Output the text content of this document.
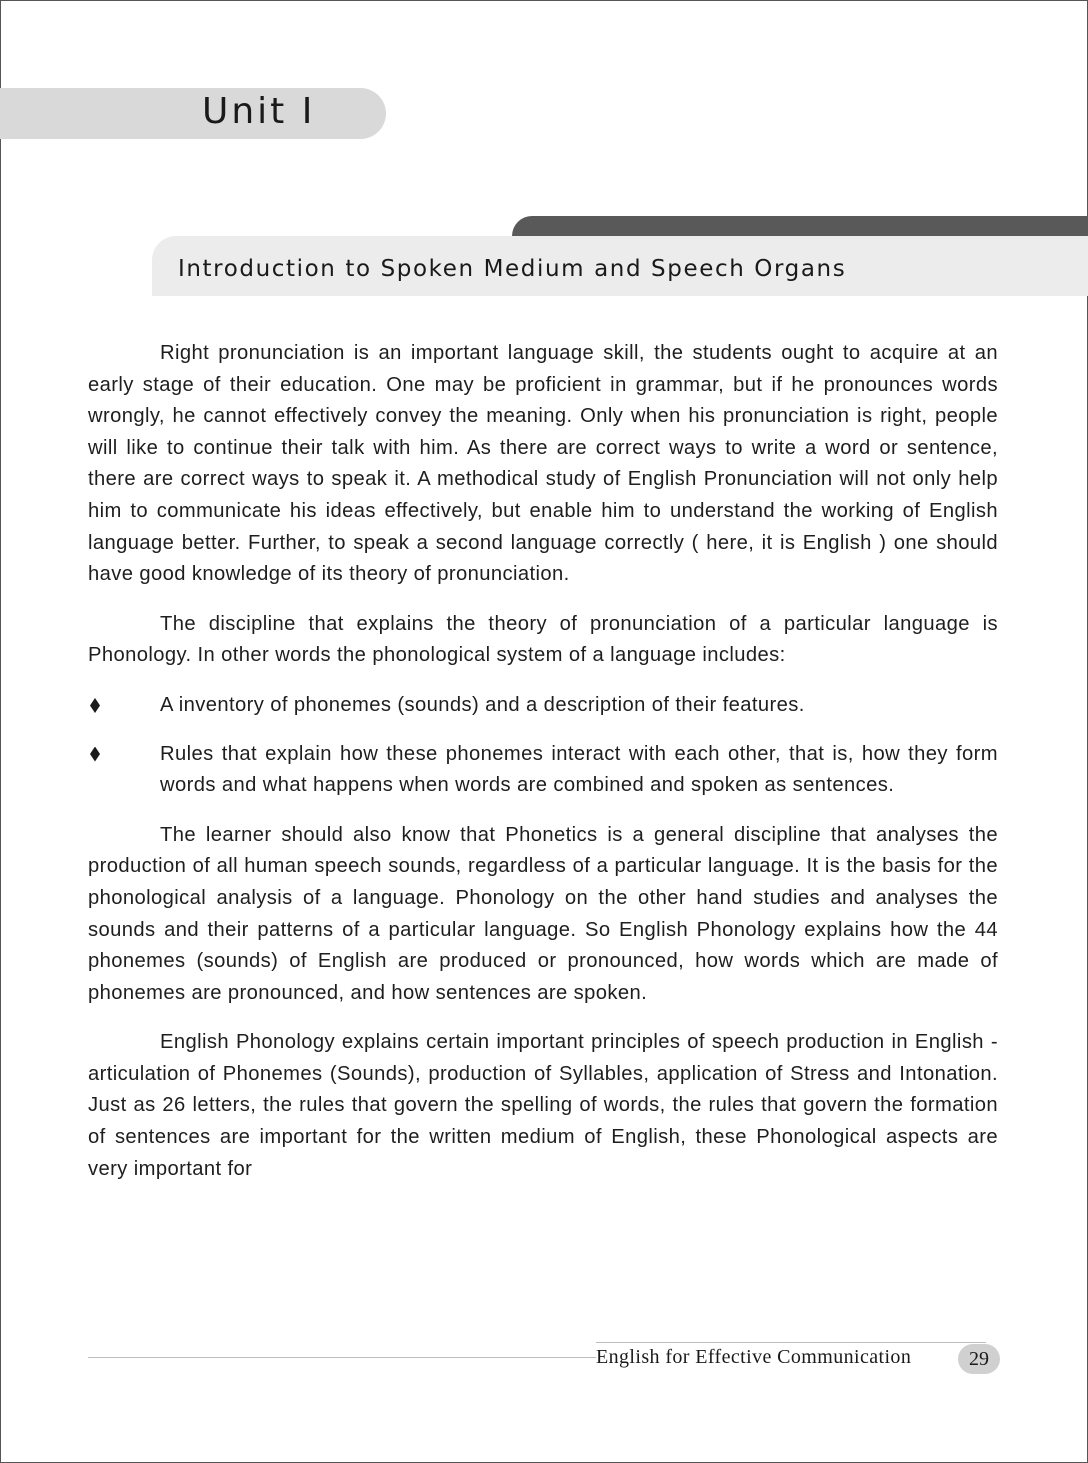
Unit I
Introduction to Spoken Medium and Speech Organs

Right pronunciation is an important language skill, the students ought to acquire at an early stage of their education. One may be proficient in grammar, but if he pronounces words wrongly, he cannot effectively convey the meaning. Only when his pronunciation is right, people will like to continue their talk with him. As there are correct ways to write a word or sentence, there are correct ways to speak it. A methodical study of English Pronunciation will not only help him to communicate his ideas effectively, but enable him to understand the working of English language better. Further, to speak a second language correctly ( here, it is English ) one should have good knowledge of its theory of pronunciation.

The discipline that explains the theory of pronunciation of a particular language is Phonology. In other words the phonological system of a language includes:

A inventory of phonemes (sounds) and a description of their features.
Rules that explain how these phonemes interact with each other, that is, how they form words and what happens when words are combined and spoken as sentences.

The learner should also know that Phonetics is a general discipline that analyses the production of all human speech sounds, regardless of a particular language. It is the basis for the phonological analysis of a language. Phonology on the other hand studies and analyses the sounds and their patterns of a particular language. So English Phonology explains how the 44 phonemes (sounds) of English are produced or pronounced, how words which are made of phonemes are pronounced, and how sentences are spoken.

English Phonology explains certain important principles of speech production in English - articulation of Phonemes (Sounds), production of Syllables, application of Stress and Intonation. Just as 26 letters, the rules that govern the spelling of words, the rules that govern the formation of sentences are important for the written medium of English, these Phonological aspects are very important for

English for Effective Communication	29
